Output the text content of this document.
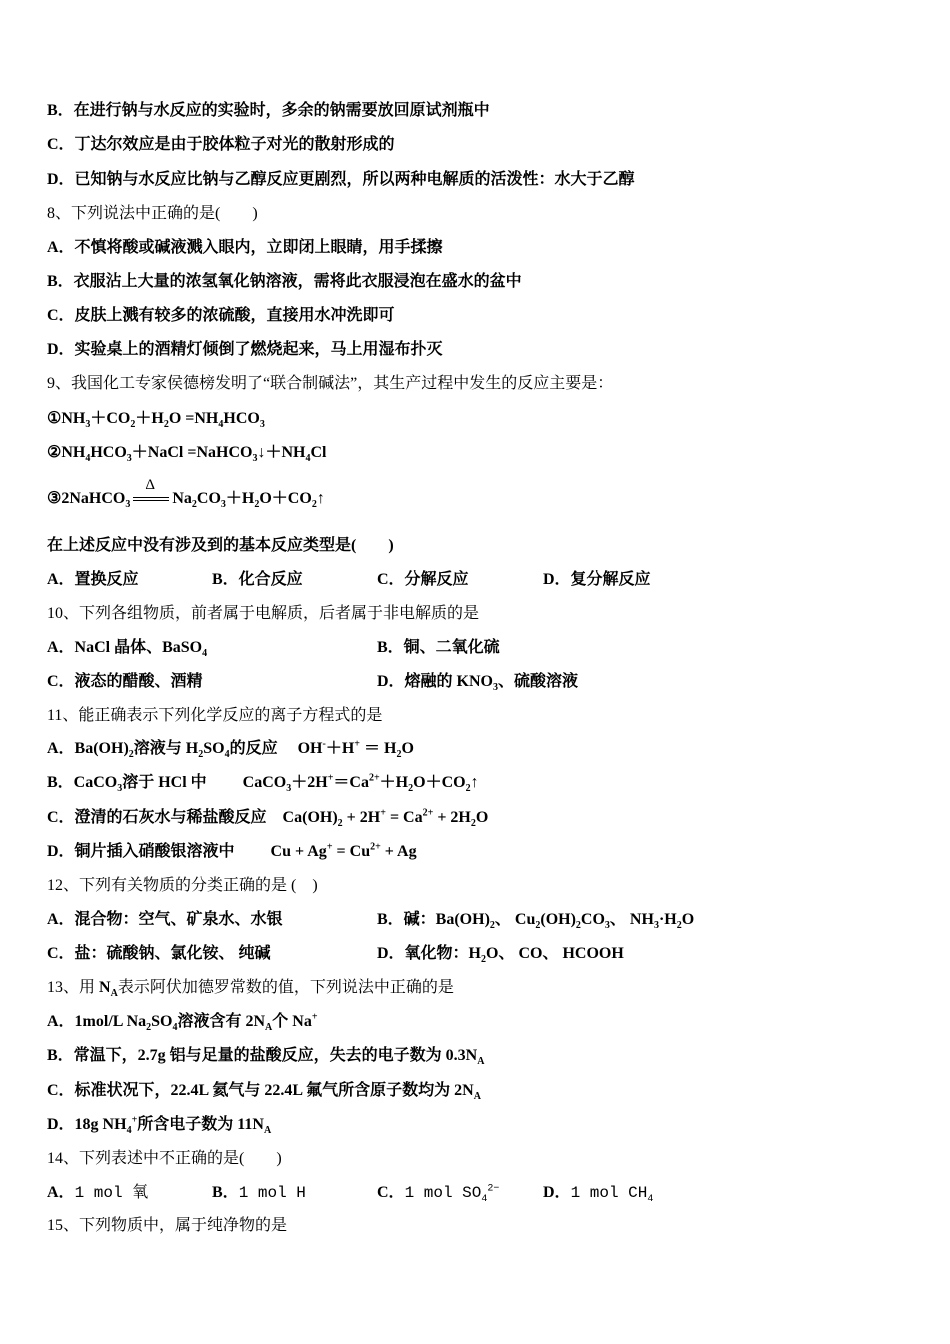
B．在进行钠与水反应的实验时，多余的钠需要放回原试剂瓶中
C．丁达尔效应是由于胶体粒子对光的散射形成的
D．已知钠与水反应比钠与乙醇反应更剧烈，所以两种电解质的活泼性：水大于乙醇
8、下列说法中正确的是(　　)
A．不慎将酸或碱液溅入眼内，立即闭上眼睛，用手揉擦
B．衣服沾上大量的浓氢氧化钠溶液，需将此衣服浸泡在盛水的盆中
C．皮肤上溅有较多的浓硫酸，直接用水冲洗即可
D．实验桌上的酒精灯倾倒了燃烧起来，马上用湿布扑灭
9、我国化工专家侯德榜发明了“联合制碱法”，其生产过程中发生的反应主要是：
$①NH_3+CO_2+H_2O =NH_4HCO_3$
$②NH_4HCO_3+NaCl$ $=NaHCO_3↓+NH_4Cl$
③2NaHCO$_3$
Δ
$Na_2CO_3+H_2O+CO_2↑$
在上述反应中没有涉及到的基本反应类型是(　　)
A．置换反应	B．化合反应	C．分解反应	D．复分解反应
10、下列各组物质，前者属于电解质，后者属于非电解质的是
A．NaCl 晶体、BaSO$_4$	B．铜、二氧化硫
C．液态的醋酸、酒精	D．熔融的 $KNO_3$、硫酸溶液
11、能正确表示下列化学反应的离子方程式的是
A．$Ba(OH)_2$溶液与 $H_2SO_4$的反应　 $OH^-+H^+ = H_2O$
B．CaCO$_3$溶于 HCl 中　　 $CaCO_3+2H^+=Ca^{2+}+H_2O+CO_2↑$
C．澄清的石灰水与稀盐酸反应　$Ca(OH)_2 + 2H^+ = Ca^{2+} + 2H_2O$
D．铜片插入硝酸银溶液中　　 $Cu + Ag^+ = Cu^{2+} + Ag$
12、下列有关物质的分类正确的是 (　)
A．混合物：空气、矿泉水、水银	B．碱：$Ba(OH)_2$、 $Cu_2(OH)_2CO_3$、 $NH_3\cdot H_2O$
C．盐：硫酸钠、氯化铵、 纯碱	D．氧化物：$H_2O$、 CO、 HCOOH
13、用 $N_A$表示阿伏加德罗常数的值，下列说法中正确的是
A．1mol/L $Na_2SO_4$溶液含有 $2N_A$个 Na+
B．常温下，2.7g 铝与足量的盐酸反应，失去的电子数为 $0.3N_A$
C．标准状况下，22.4L 氦气与 22.4L 氟气所含原子数均为 $2N_A$
D．18g $NH_4^+$所含电子数为 $11N_A$
14、下列表述中不正确的是(　　)
A．1 mol 氧	B．1 mol H	C．1 mol $SO_4^{2-}$	D．1 mol $CH_4$
15、下列物质中，属于纯净物的是
